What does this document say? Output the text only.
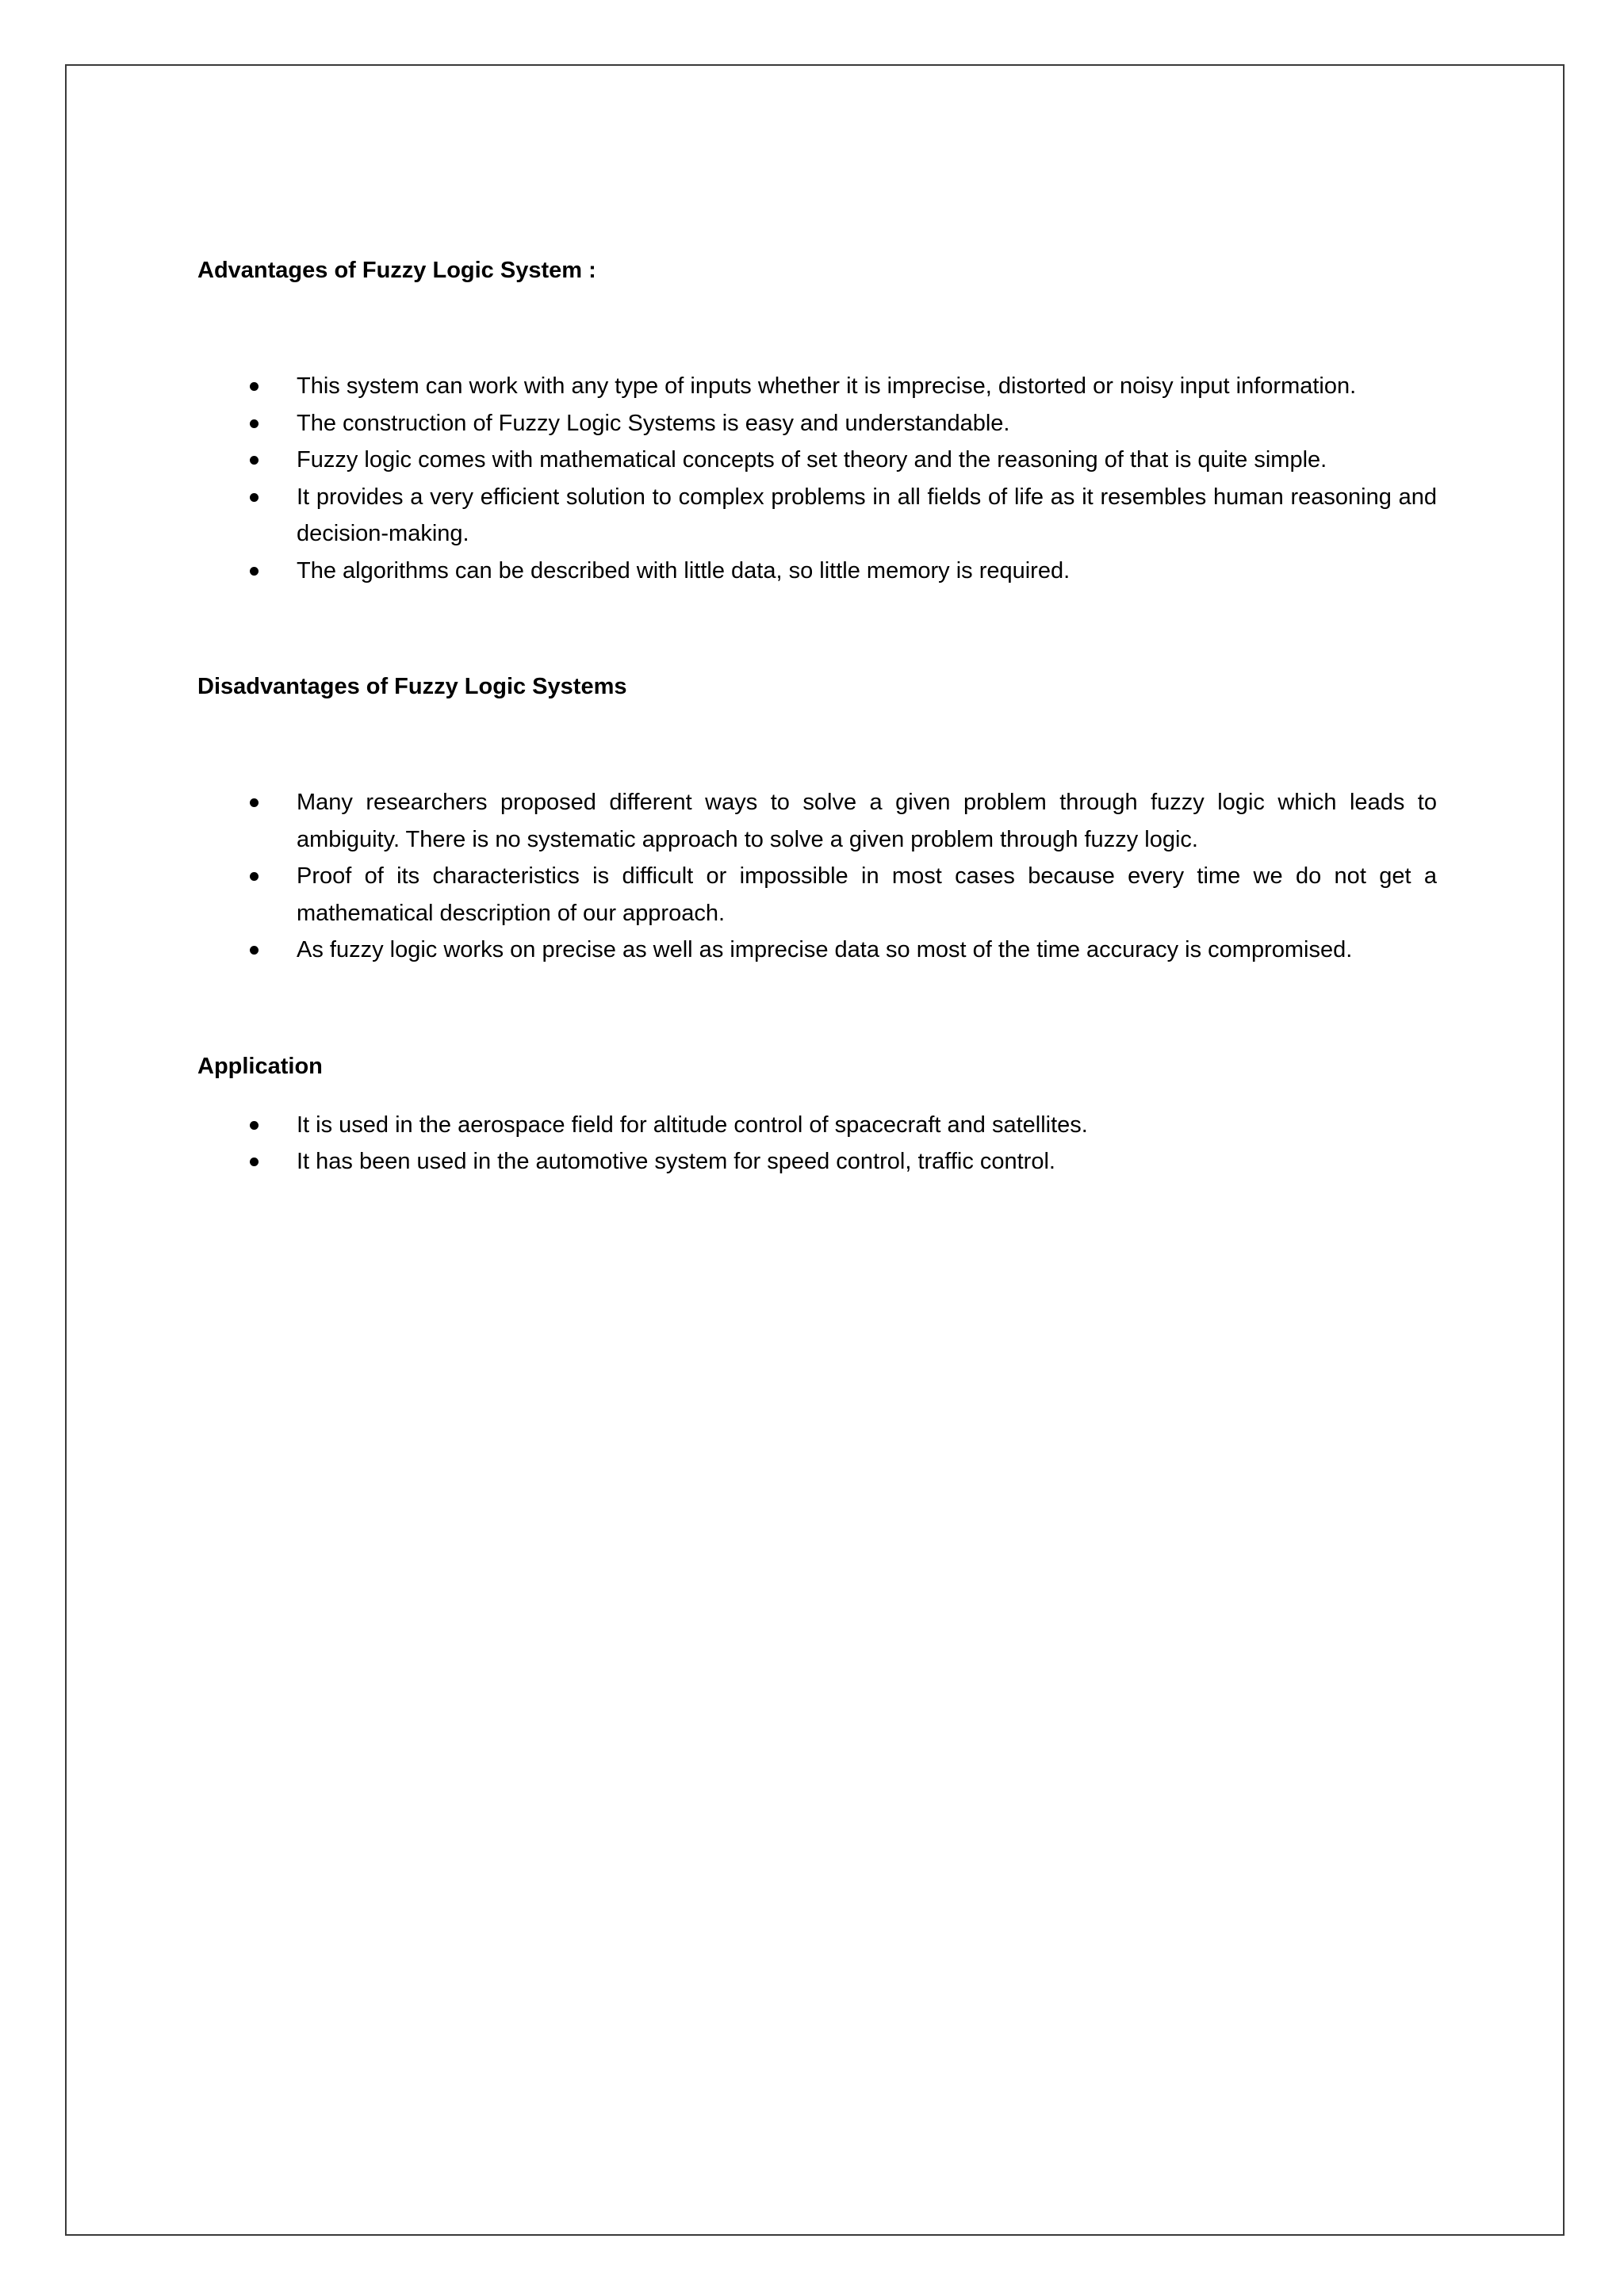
Advantages of Fuzzy Logic System :
This system can work with any type of inputs whether it is imprecise, distorted or noisy input information.
The construction of Fuzzy Logic Systems is easy and understandable.
Fuzzy logic comes with mathematical concepts of set theory and the reasoning of that is quite simple.
It provides a very efficient solution to complex problems in all fields of life as it resembles human reasoning and decision-making.
The algorithms can be described with little data, so little memory is required.
Disadvantages of Fuzzy Logic Systems
Many researchers proposed different ways to solve a given problem through fuzzy logic which leads to ambiguity. There is no systematic approach to solve a given problem through fuzzy logic.
Proof of its characteristics is difficult or impossible in most cases because every time we do not get a mathematical description of our approach.
As fuzzy logic works on precise as well as imprecise data so most of the time accuracy is compromised.
Application
It is used in the aerospace field for altitude control of spacecraft and satellites.
It has been used in the automotive system for speed control, traffic control.
